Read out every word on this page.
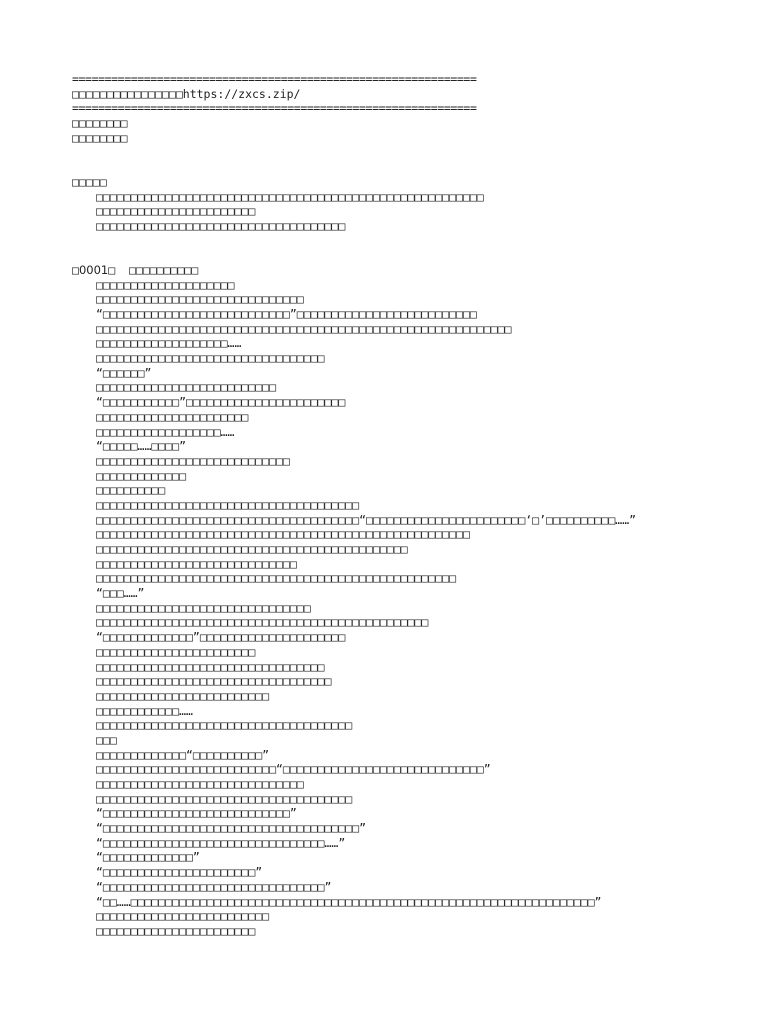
==============================================================
□□□□□□□□□□□□□□□□https://zxcs.zip/
==============================================================
□□□□□□□□
□□□□□□□□
□□□□□
□□□□□□□□□□□□□□□□□□□□□□□□□□□□□□□□□□□□□□□□□□□□□□□□□□□□□□□□
□□□□□□□□□□□□□□□□□□□□□□□
□□□□□□□□□□□□□□□□□□□□□□□□□□□□□□□□□□□□
□0001□  □□□□□□□□□□
□□□□□□□□□□□□□□□□□□□□
□□□□□□□□□□□□□□□□□□□□□□□□□□□□□□
“□□□□□□□□□□□□□□□□□□□□□□□□□□□”□□□□□□□□□□□□□□□□□□□□□□□□□□
□□□□□□□□□□□□□□□□□□□□□□□□□□□□□□□□□□□□□□□□□□□□□□□□□□□□□□□□□□□□
□□□□□□□□□□□□□□□□□□□……
□□□□□□□□□□□□□□□□□□□□□□□□□□□□□□□□□
“□□□□□□”
□□□□□□□□□□□□□□□□□□□□□□□□□□
“□□□□□□□□□□□”□□□□□□□□□□□□□□□□□□□□□□□
□□□□□□□□□□□□□□□□□□□□□□
□□□□□□□□□□□□□□□□□□……
“□□□□□……□□□□”
□□□□□□□□□□□□□□□□□□□□□□□□□□□□
□□□□□□□□□□□□□
□□□□□□□□□□
□□□□□□□□□□□□□□□□□□□□□□□□□□□□□□□□□□□□□□
□□□□□□□□□□□□□□□□□□□□□□□□□□□□□□□□□□□□□□“□□□□□□□□□□□□□□□□□□□□□□□‘□’□□□□□□□□□□……”
□□□□□□□□□□□□□□□□□□□□□□□□□□□□□□□□□□□□□□□□□□□□□□□□□□□□□□
□□□□□□□□□□□□□□□□□□□□□□□□□□□□□□□□□□□□□□□□□□□□□
□□□□□□□□□□□□□□□□□□□□□□□□□□□□□
□□□□□□□□□□□□□□□□□□□□□□□□□□□□□□□□□□□□□□□□□□□□□□□□□□□□
“□□□……”
□□□□□□□□□□□□□□□□□□□□□□□□□□□□□□□
□□□□□□□□□□□□□□□□□□□□□□□□□□□□□□□□□□□□□□□□□□□□□□□□
“□□□□□□□□□□□□□”□□□□□□□□□□□□□□□□□□□□□
□□□□□□□□□□□□□□□□□□□□□□□
□□□□□□□□□□□□□□□□□□□□□□□□□□□□□□□□□
□□□□□□□□□□□□□□□□□□□□□□□□□□□□□□□□□□
□□□□□□□□□□□□□□□□□□□□□□□□□
□□□□□□□□□□□□……
□□□□□□□□□□□□□□□□□□□□□□□□□□□□□□□□□□□□□
□□□
□□□□□□□□□□□□□“□□□□□□□□□□”
□□□□□□□□□□□□□□□□□□□□□□□□□□“□□□□□□□□□□□□□□□□□□□□□□□□□□□□□”
□□□□□□□□□□□□□□□□□□□□□□□□□□□□□□
□□□□□□□□□□□□□□□□□□□□□□□□□□□□□□□□□□□□□
“□□□□□□□□□□□□□□□□□□□□□□□□□□□”
“□□□□□□□□□□□□□□□□□□□□□□□□□□□□□□□□□□□□□”
“□□□□□□□□□□□□□□□□□□□□□□□□□□□□□□□□……”
“□□□□□□□□□□□□□”
“□□□□□□□□□□□□□□□□□□□□□□”
“□□□□□□□□□□□□□□□□□□□□□□□□□□□□□□□□”
“□□……□□□□□□□□□□□□□□□□□□□□□□□□□□□□□□□□□□□□□□□□□□□□□□□□□□□□□□□□□□□□□□□□□□□”
□□□□□□□□□□□□□□□□□□□□□□□□□
□□□□□□□□□□□□□□□□□□□□□□□
